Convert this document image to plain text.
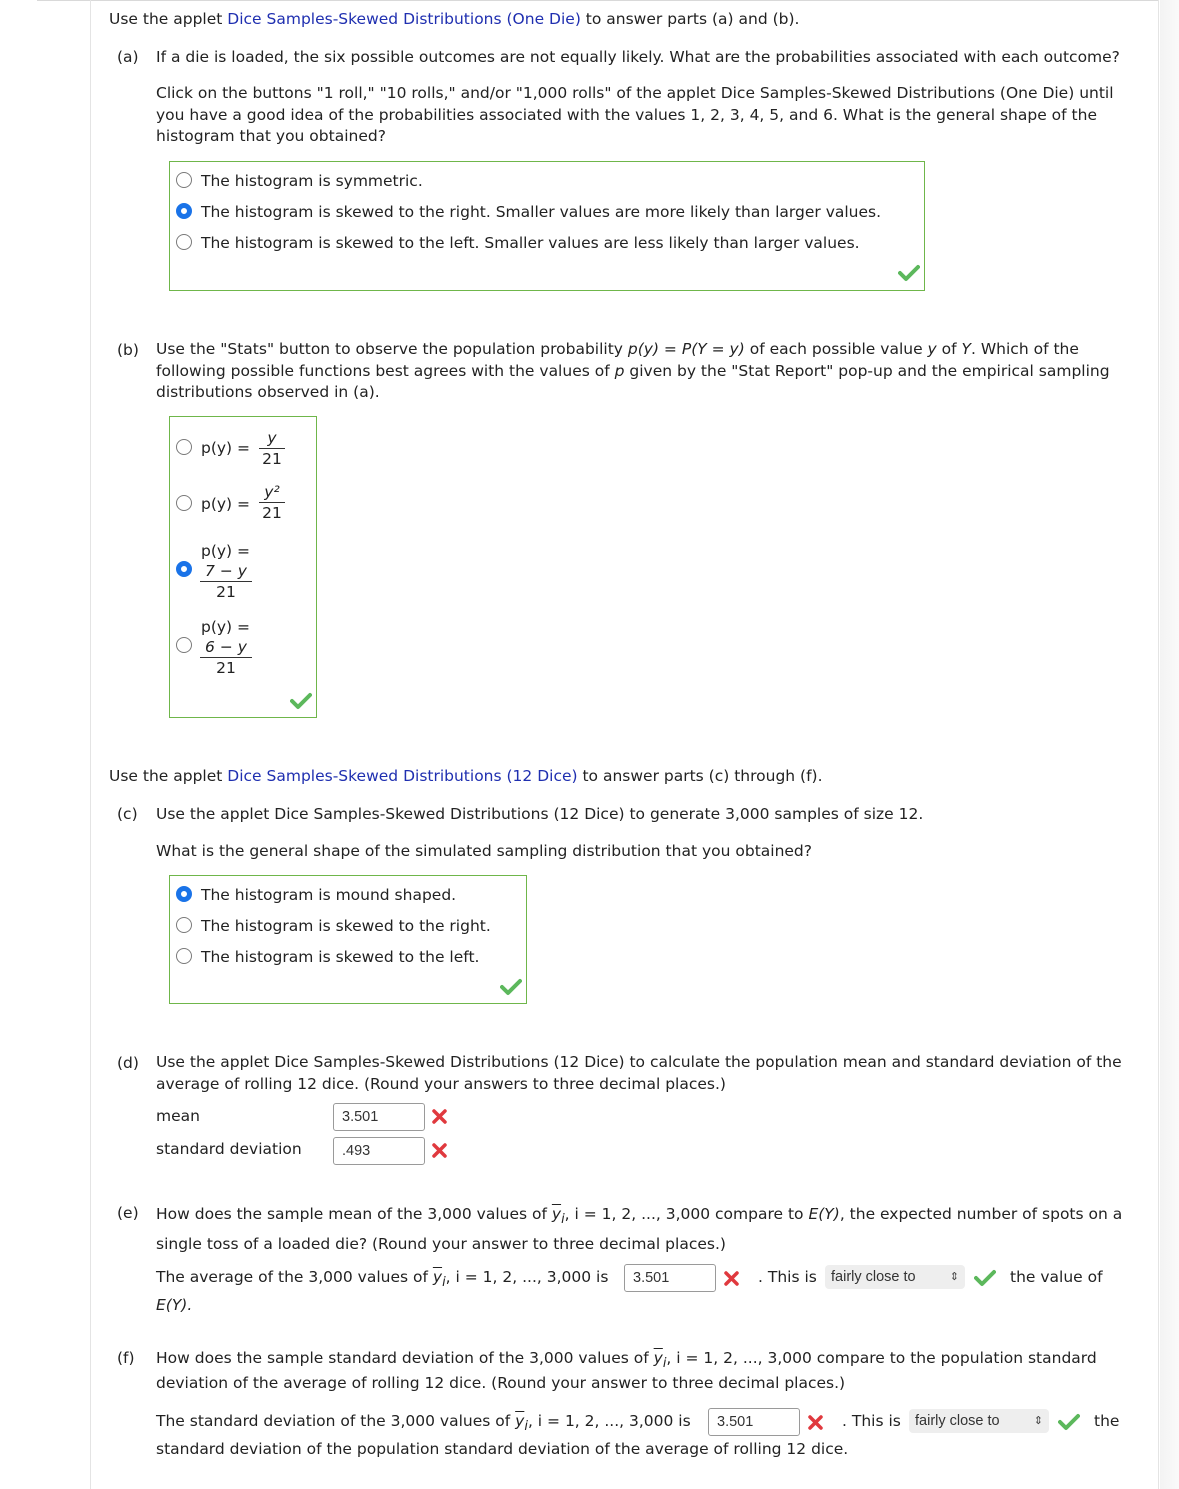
Use the applet Dice Samples-Skewed Distributions (One Die) to answer parts (a) and (b).
(a) If a die is loaded, the six possible outcomes are not equally likely. What are the probabilities associated with each outcome?
Click on the buttons "1 roll," "10 rolls," and/or "1,000 rolls" of the applet Dice Samples-Skewed Distributions (One Die) until you have a good idea of the probabilities associated with the values 1, 2, 3, 4, 5, and 6. What is the general shape of the histogram that you obtained?
The histogram is symmetric.
The histogram is skewed to the right. Smaller values are more likely than larger values.
The histogram is skewed to the left. Smaller values are less likely than larger values.
(b) Use the "Stats" button to observe the population probability p(y) = P(Y = y) of each possible value y of Y. Which of the following possible functions best agrees with the values of p given by the "Stat Report" pop-up and the empirical sampling distributions observed in (a).
p(y) =
y
21
p(y) =
y²
21
p(y) =
7 − y
21
p(y) =
6 − y
21
Use the applet Dice Samples-Skewed Distributions (12 Dice) to answer parts (c) through (f).
(c) Use the applet Dice Samples-Skewed Distributions (12 Dice) to generate 3,000 samples of size 12.
What is the general shape of the simulated sampling distribution that you obtained?
The histogram is mound shaped.
The histogram is skewed to the right.
The histogram is skewed to the left.
(d) Use the applet Dice Samples-Skewed Distributions (12 Dice) to calculate the population mean and standard deviation of the average of rolling 12 dice. (Round your answers to three decimal places.)
mean	3.501
standard deviation	.493
(e) How does the sample mean of the 3,000 values of $\overline{y}_i$, i = 1, 2, ..., 3,000 compare to E(Y), the expected number of spots on a single toss of a loaded die? (Round your answer to three decimal places.)
The average of the 3,000 values of $\overline{y}_i$, i = 1, 2, ..., 3,000 is	3.501	. This is fairly close to	⇕	the value of
E(Y).
(f) How does the sample standard deviation of the 3,000 values of $\overline{y}_i$, i = 1, 2, ..., 3,000 compare to the population standard
deviation of the average of rolling 12 dice. (Round your answer to three decimal places.)
The standard deviation of the 3,000 values of $\overline{y}_i$, i = 1, 2, ..., 3,000 is	3.501	. This is fairly close to	⇕	the
standard deviation of the population standard deviation of the average of rolling 12 dice.
